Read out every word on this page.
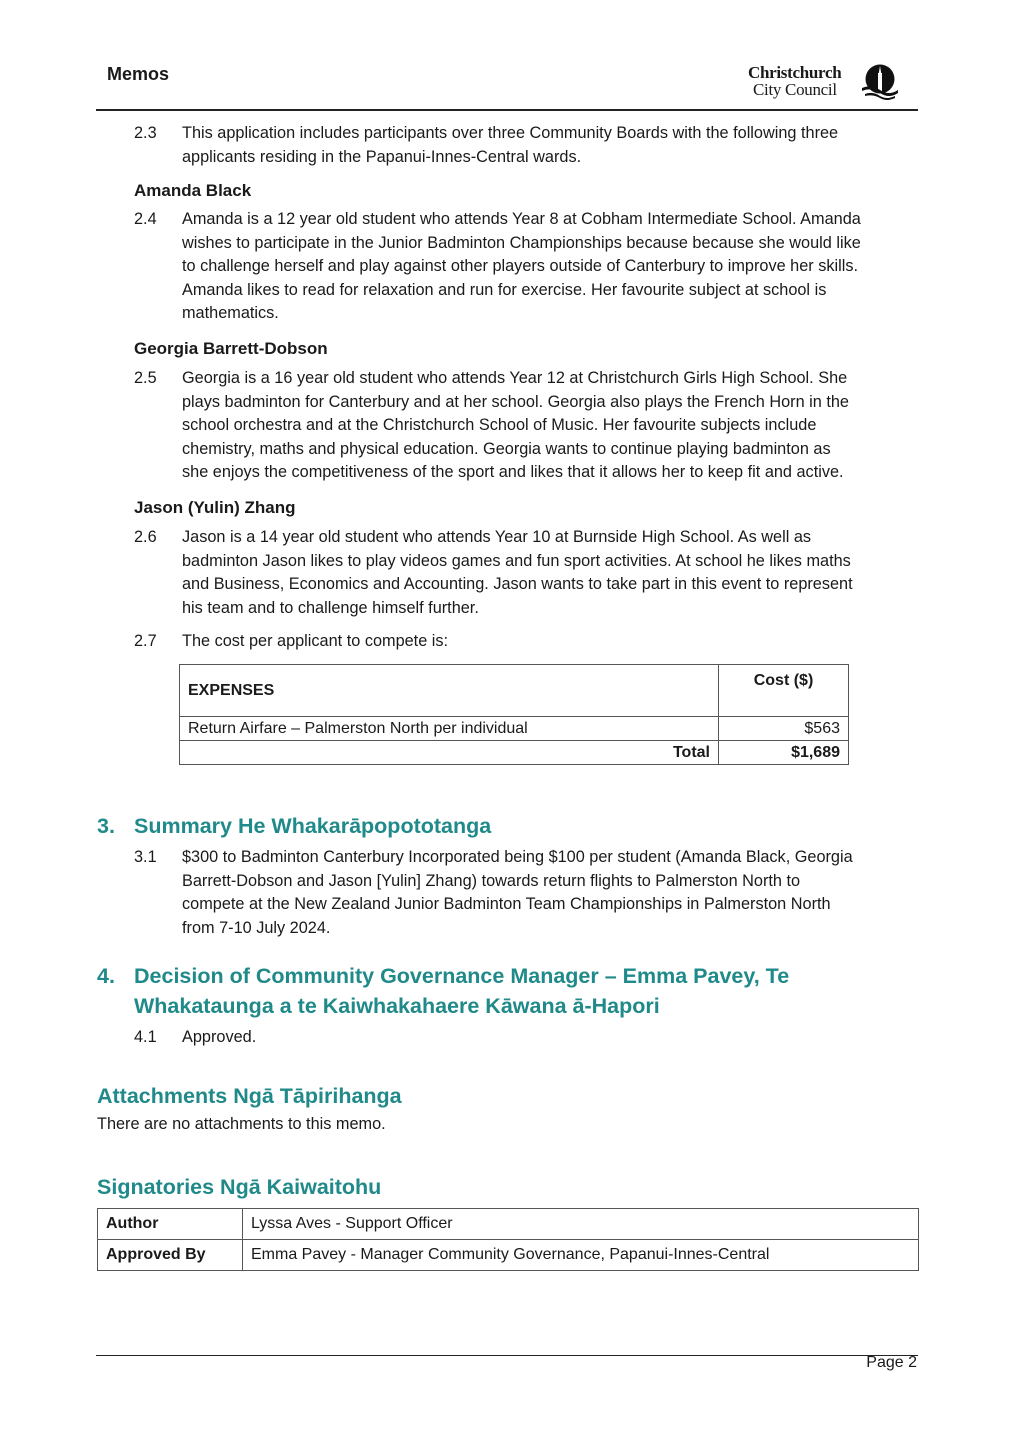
Memos	Christchurch
City Council
2.3 This application includes participants over three Community Boards with the following three
applicants residing in the Papanui-Innes-Central wards.
Amanda Black
2.4 Amanda is a 12 year old student who attends Year 8 at Cobham Intermediate School. Amanda
wishes to participate in the Junior Badminton Championships because because she would like
to challenge herself and play against other players outside of Canterbury to improve her skills.
Amanda likes to read for relaxation and run for exercise. Her favourite subject at school is
mathematics.
Georgia Barrett-Dobson
2.5 Georgia is a 16 year old student who attends Year 12 at Christchurch Girls High School. She
plays badminton for Canterbury and at her school. Georgia also plays the French Horn in the
school orchestra and at the Christchurch School of Music. Her favourite subjects include
chemistry, maths and physical education. Georgia wants to continue playing badminton as
she enjoys the competitiveness of the sport and likes that it allows her to keep fit and active.
Jason (Yulin) Zhang
2.6 Jason is a 14 year old student who attends Year 10 at Burnside High School. As well as
badminton Jason likes to play videos games and fun sport activities. At school he likes maths
and Business, Economics and Accounting. Jason wants to take part in this event to represent
his team and to challenge himself further.
2.7 The cost per applicant to compete is:
EXPENSES	Cost ($)
Return Airfare – Palmerston North per individual	$563
Total	$1,689
3. Summary He Whakarāpopototanga
3.1 $300 to Badminton Canterbury Incorporated being $100 per student (Amanda Black, Georgia
Barrett-Dobson and Jason [Yulin] Zhang) towards return flights to Palmerston North to
compete at the New Zealand Junior Badminton Team Championships in Palmerston North
from 7-10 July 2024.
4. Decision of Community Governance Manager – Emma Pavey, Te
Whakataunga a te Kaiwhakahaere Kāwana ā-Hapori
4.1 Approved.
Attachments Ngā Tāpirihanga
There are no attachments to this memo.
Signatories Ngā Kaiwaitohu
Author	Lyssa Aves - Support Officer
Approved By	Emma Pavey - Manager Community Governance, Papanui-Innes-Central
Page 2
